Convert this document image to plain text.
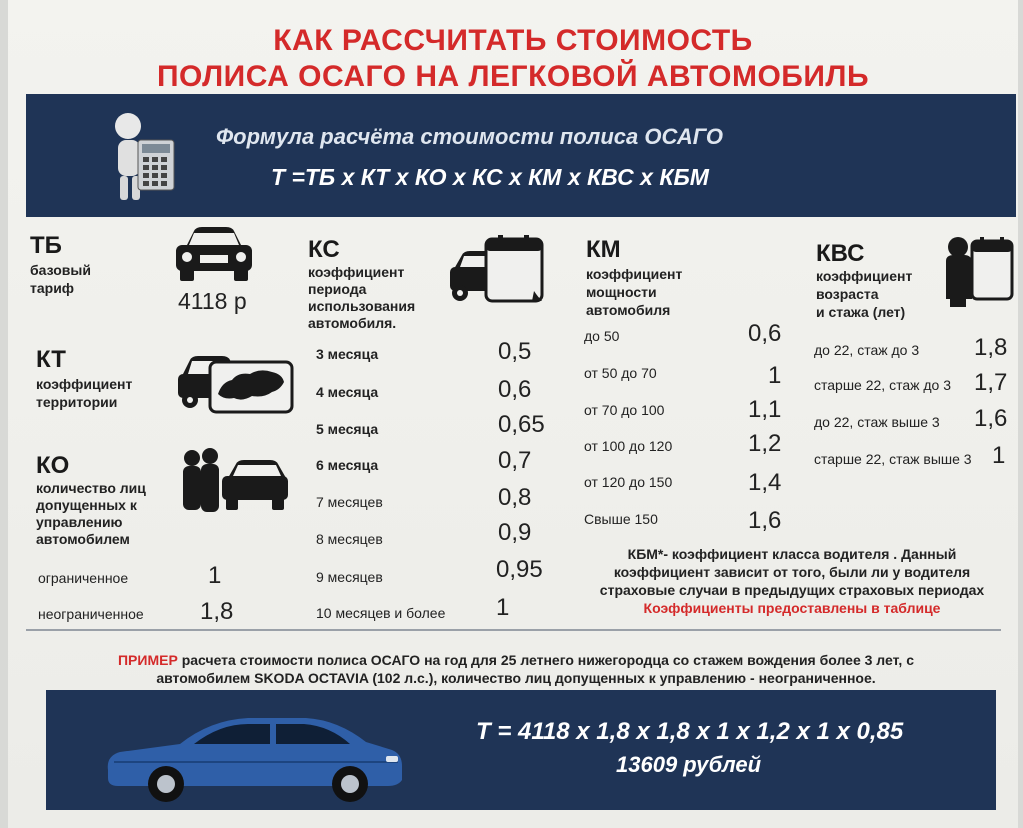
КАК РАССЧИТАТЬ СТОИМОСТЬ
ПОЛИСА ОСАГО НА ЛЕГКОВОЙ АВТОМОБИЛЬ
Формула расчёта стоимости полиса ОСАГО
Т =ТБ х КТ х КО х КС х КМ х КВС х КБМ
ТБ
базовый
тариф	4118 р
КТ
коэффициент
территории
КО
количество лиц
допущенных к
управлению
автомобилем
ограниченное	1
неограниченное 1,8
КС
коэффициент
периода
использования
автомобиля.
3 месяца	0,5
4 месяца	0,6
5 месяца	0,65
6 месяца	0,7
7 месяцев	0,8
8 месяцев	0,9
9 месяцев	0,95
10 месяцев и более 1
КМ
коэффициент
мощности
автомобиля
до 50	0,6
от 50 до 70	1
от 70 до 100	1,1
от 100 до 120	1,2
от 120 до 150	1,4
Свыше 150	1,6
КВС
коэффициент
возраста
и стажа (лет)
до 22, стаж до 3 1,8
старше 22, стаж до 3 1,7
до 22, стаж выше 3 1,6
старше 22, стаж выше 3 1
КБМ*- коэффициент класса водителя . Данный
коэффициент зависит от того, были ли у водителя
страховые случаи в предыдущих страховых периодах
Коэффициенты предоставлены в таблице
ПРИМЕР расчета стоимости полиса ОСАГО на год для 25 летнего нижегородца со стажем вождения более 3 лет, с
автомобилем SKODA OCTAVIA (102 л.с.), количество лиц допущенных к управлению - неограниченное.
Т = 4118 х 1,8 х 1,8 х 1 х 1,2 х 1 х 0,85
13609 рублей
